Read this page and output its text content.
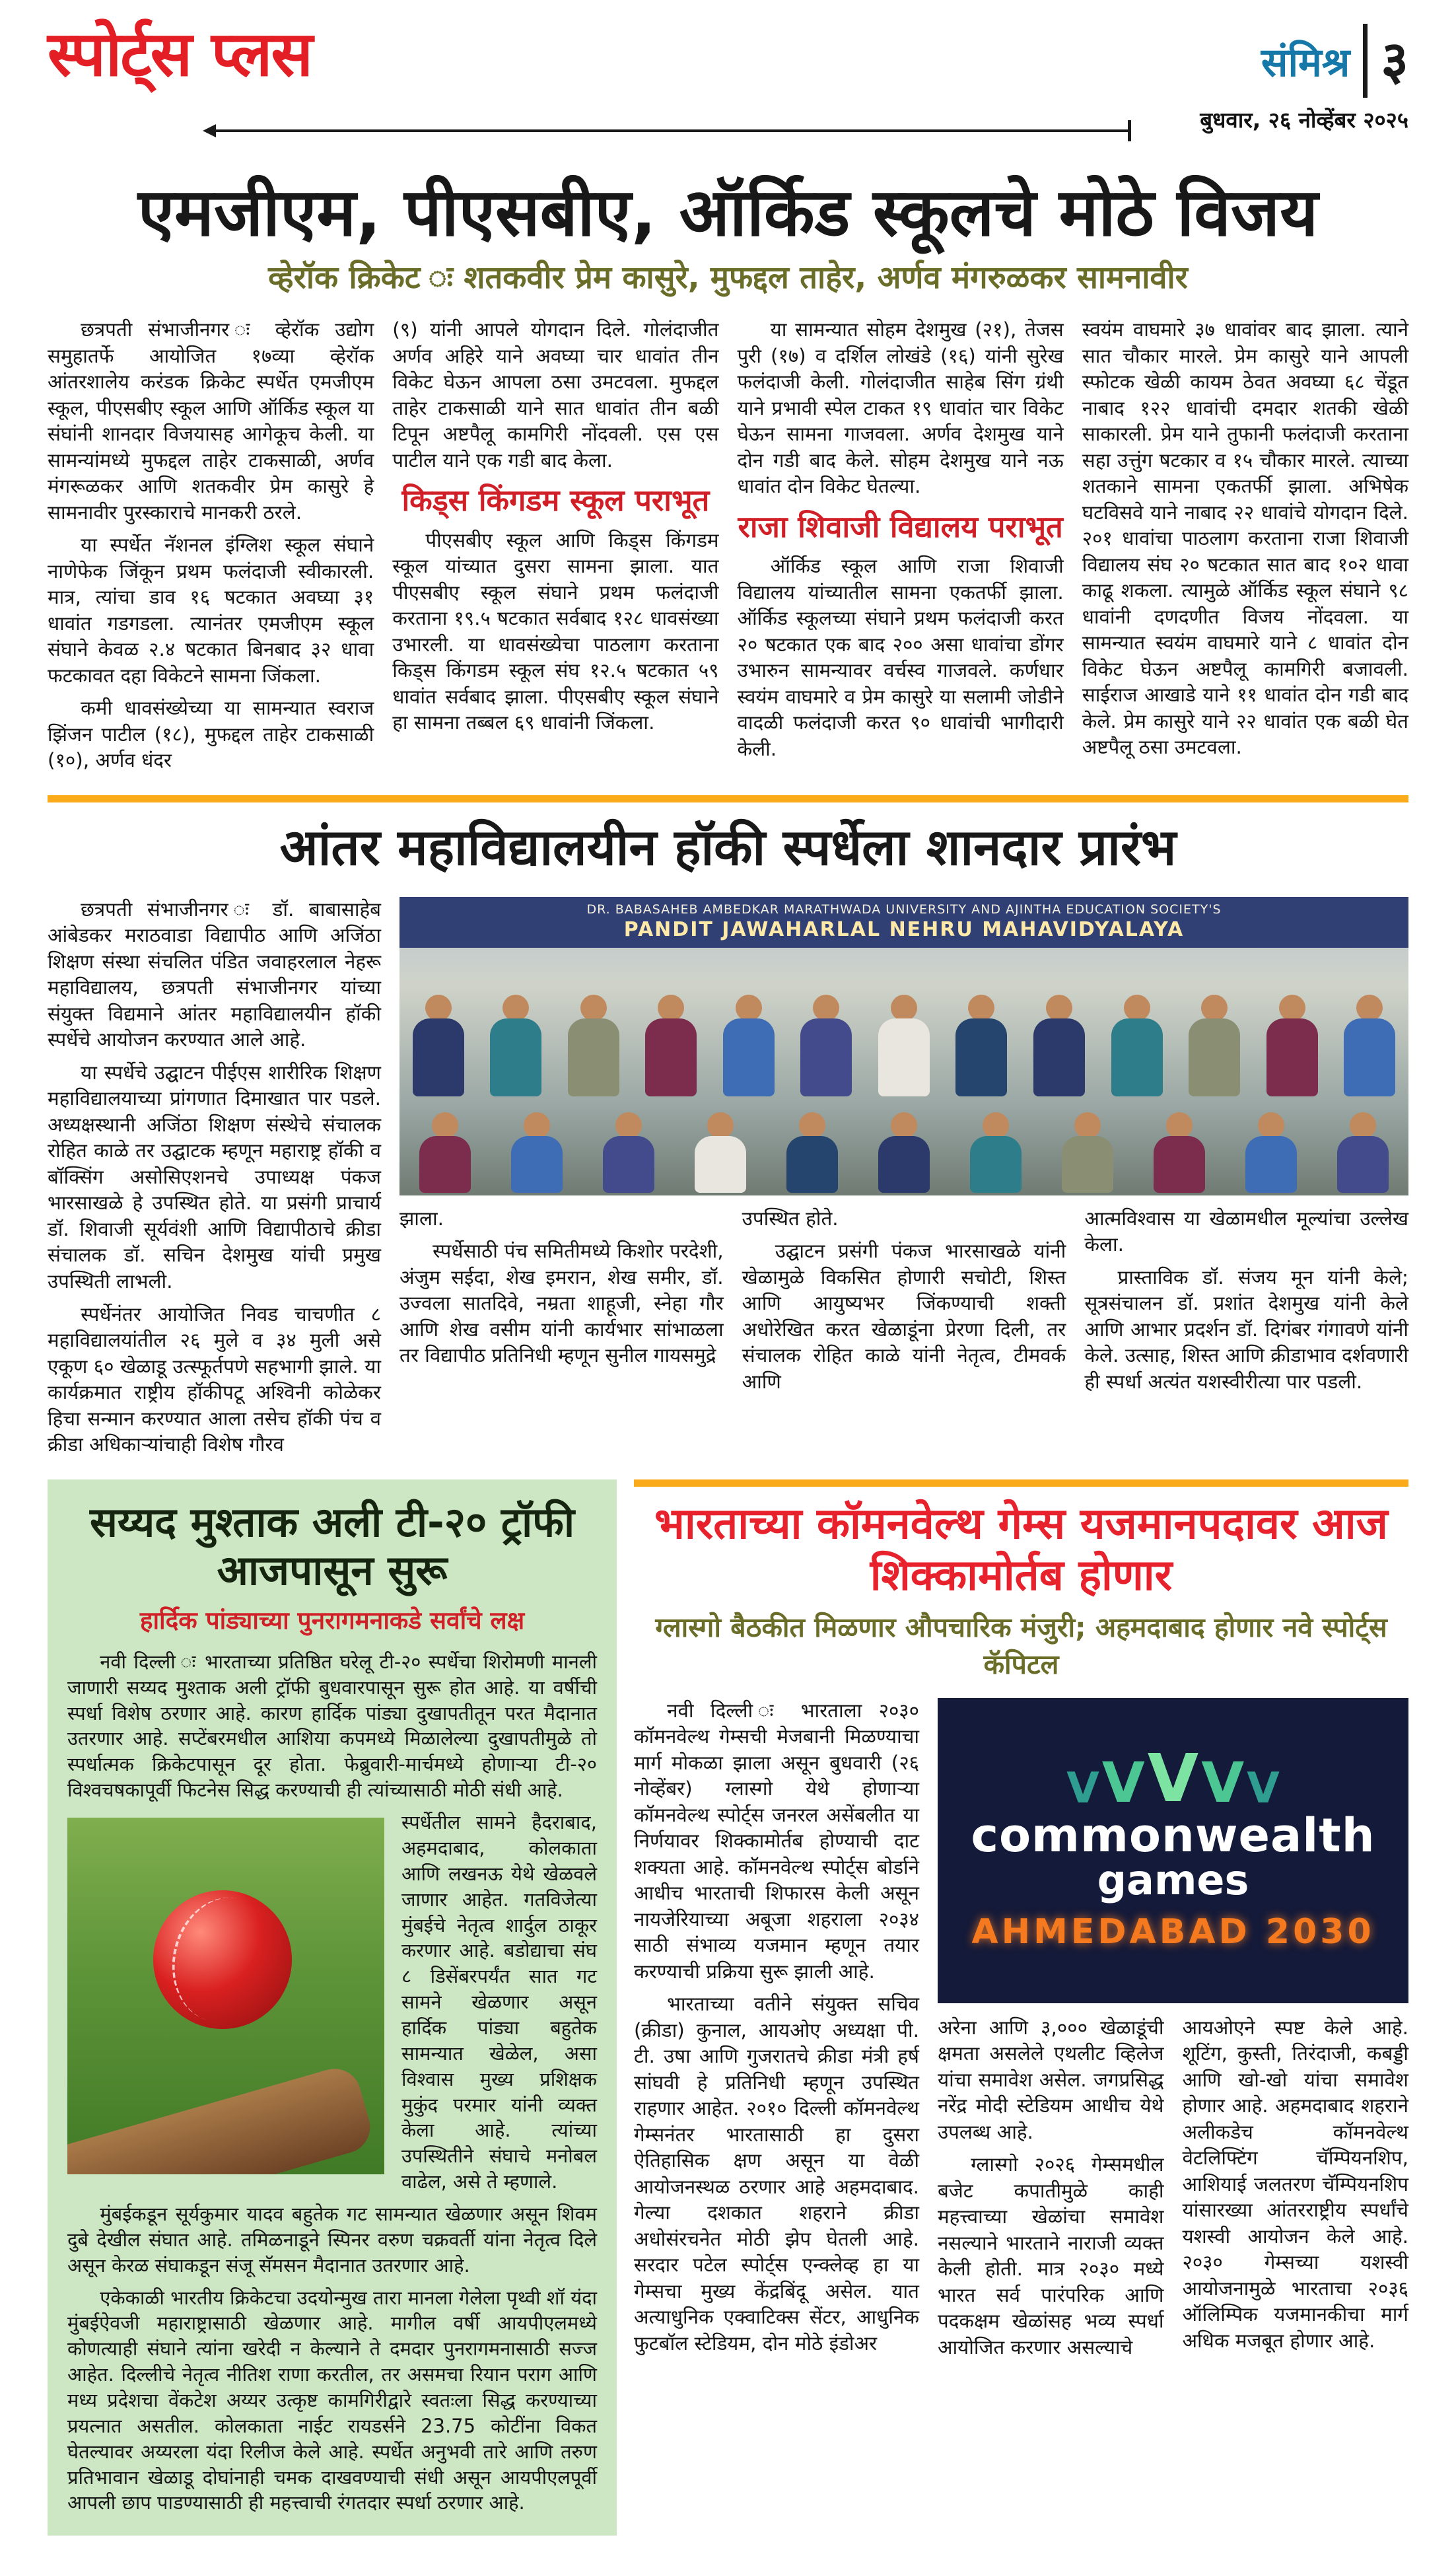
स्पोर्ट्स प्लस	संमिश्र ३
बुधवार, २६ नोव्हेंबर २०२५
एमजीएम, पीएसबीए, ऑर्किड स्कूलचे मोठे विजय
व्हेरॉक क्रिकेट ः शतकवीर प्रेम कासुरे, मुफद्दल ताहेर, अर्णव मंगरुळकर सामनावीर

छत्रपती संभाजीनगर ः व्हेरॉक उद्योग समुहातर्फे आयोजित १७व्या व्हेरॉक आंतरशालेय करंडक क्रिकेट स्पर्धेत एमजीएम स्कूल, पीएसबीए स्कूल आणि ऑर्किड स्कूल या संघांनी शानदार विजयासह आगेकूच केली. या सामन्यांमध्ये मुफद्दल ताहेर टाकसाळी, अर्णव मंगरूळकर आणि शतकवीर प्रेम कासुरे हे सामनावीर पुरस्काराचे मानकरी ठरले.

या स्पर्धेत नॅशनल इंग्लिश स्कूल संघाने नाणेफेक जिंकून प्रथम फलंदाजी स्वीकारली. मात्र, त्यांचा डाव १६ षटकात अवघ्या ३१ धावांत गडगडला. त्यानंतर एमजीएम स्कूल संघाने केवळ २.४ षटकात बिनबाद ३२ धावा फटकावत दहा विकेटने सामना जिंकला.

कमी धावसंख्येच्या या सामन्यात स्वराज झिंजन पाटील (१८), मुफद्दल ताहेर टाकसाळी (१०), अर्णव धंदर

(९) यांनी आपले योगदान दिले. गोलंदाजीत अर्णव अहिरे याने अवघ्या चार धावांत तीन विकेट घेऊन आपला ठसा उमटवला. मुफद्दल ताहेर टाकसाळी याने सात धावांत तीन बळी टिपून अष्टपैलू कामगिरी नोंदवली. एस एस पाटील याने एक गडी बाद केला.

किड्स किंगडम स्कूल पराभूत

पीएसबीए स्कूल आणि किड्स किंगडम स्कूल यांच्यात दुसरा सामना झाला. यात पीएसबीए स्कूल संघाने प्रथम फलंदाजी करताना १९.५ षटकात सर्वबाद १२८ धावसंख्या उभारली. या धावसंख्येचा पाठलाग करताना किड्स किंगडम स्कूल संघ १२.५ षटकात ५९ धावांत सर्वबाद झाला. पीएसबीए स्कूल संघाने हा सामना तब्बल ६९ धावांनी जिंकला.

या सामन्यात सोहम देशमुख (२१), तेजस पुरी (१७) व दर्शिल लोखंडे (१६) यांनी सुरेख फलंदाजी केली. गोलंदाजीत साहेब सिंग ग्रंथी याने प्रभावी स्पेल टाकत १९ धावांत चार विकेट घेऊन सामना गाजवला. अर्णव देशमुख याने दोन गडी बाद केले. सोहम देशमुख याने नऊ धावांत दोन विकेट घेतल्या.

राजा शिवाजी विद्यालय पराभूत

ऑर्किड स्कूल आणि राजा शिवाजी विद्यालय यांच्यातील सामना एकतर्फी झाला. ऑर्किड स्कूलच्या संघाने प्रथम फलंदाजी करत २० षटकात एक बाद २०० असा धावांचा डोंगर उभारुन सामन्यावर वर्चस्व गाजवले. कर्णधार स्वयंम वाघमारे व प्रेम कासुरे या सलामी जोडीने वादळी फलंदाजी करत ९० धावांची भागीदारी केली.

स्वयंम वाघमारे ३७ धावांवर बाद झाला. त्याने सात चौकार मारले. प्रेम कासुरे याने आपली स्फोटक खेळी कायम ठेवत अवघ्या ६८ चेंडूत नाबाद १२२ धावांची दमदार शतकी खेळी साकारली. प्रेम याने तुफानी फलंदाजी करताना सहा उत्तुंग षटकार व १५ चौकार मारले. त्याच्या शतकाने सामना एकतर्फी झाला. अभिषेक घटविसवे याने नाबाद २२ धावांचे योगदान दिले. २०१ धावांचा पाठलाग करताना राजा शिवाजी विद्यालय संघ २० षटकात सात बाद १०२ धावा काढू शकला. त्यामुळे ऑर्किड स्कूल संघाने ९८ धावांनी दणदणीत विजय नोंदवला. या सामन्यात स्वयंम वाघमारे याने ८ धावांत दोन विकेट घेऊन अष्टपैलू कामगिरी बजावली. साईराज आखाडे याने ११ धावांत दोन गडी बाद केले. प्रेम कासुरे याने २२ धावांत एक बळी घेत अष्टपैलू ठसा उमटवला.

आंतर महाविद्यालयीन हॉकी स्पर्धेला शानदार प्रारंभ

छत्रपती संभाजीनगर ः डॉ. बाबासाहेब आंबेडकर मराठवाडा विद्यापीठ आणि अजिंठा शिक्षण संस्था संचलित पंडित जवाहरलाल नेहरू महाविद्यालय, छत्रपती संभाजीनगर यांच्या संयुक्त विद्यमाने आंतर महाविद्यालयीन हॉकी स्पर्धेचे आयोजन करण्यात आले आहे.

या स्पर्धेचे उद्घाटन पीईएस शारीरिक शिक्षण महाविद्यालयाच्या प्रांगणात दिमाखात पार पडले. अध्यक्षस्थानी अजिंठा शिक्षण संस्थेचे संचालक रोहित काळे तर उद्घाटक म्हणून महाराष्ट्र हॉकी व बॉक्सिंग असोसिएशनचे उपाध्यक्ष पंकज भारसाखळे हे उपस्थित होते. या प्रसंगी प्राचार्य डॉ. शिवाजी सूर्यवंशी आणि विद्यापीठाचे क्रीडा संचालक डॉ. सचिन देशमुख यांची प्रमुख उपस्थिती लाभली.

स्पर्धेनंतर आयोजित निवड चाचणीत ८ महाविद्यालयांतील २६ मुले व ३४ मुली असे एकूण ६० खेळाडू उत्स्फूर्तपणे सहभागी झाले. या कार्यक्रमात राष्ट्रीय हॉकीपटू अश्विनी कोळेकर हिचा सन्मान करण्यात आला तसेच हॉकी पंच व क्रीडा अधिकाऱ्यांचाही विशेष गौरव

DR. BABASAHEB AMBEDKAR MARATHWADA UNIVERSITY AND AJINTHA EDUCATION SOCIETY'S
PANDIT JAWAHARLAL NEHRU MAHAVIDYALAYA

झाला.

स्पर्धेसाठी पंच समितीमध्ये किशोर परदेशी, अंजुम सईदा, शेख इमरान, शेख समीर, डॉ. उज्वला सातदिवे, नम्रता शाहूजी, स्नेहा गौर आणि शेख वसीम यांनी कार्यभार सांभाळला तर विद्यापीठ प्रतिनिधी म्हणून सुनील गायसमुद्रे

उपस्थित होते.

उद्घाटन प्रसंगी पंकज भारसाखळे यांनी खेळामुळे विकसित होणारी सचोटी, शिस्त आणि आयुष्यभर जिंकण्याची शक्ती अधोरेखित करत खेळाडूंना प्रेरणा दिली, तर संचालक रोहित काळे यांनी नेतृत्व, टीमवर्क आणि

आत्मविश्वास या खेळामधील मूल्यांचा उल्लेख केला.

प्रास्ताविक डॉ. संजय मून यांनी केले; सूत्रसंचालन डॉ. प्रशांत देशमुख यांनी केले आणि आभार प्रदर्शन डॉ. दिगंबर गंगावणे यांनी केले. उत्साह, शिस्त आणि क्रीडाभाव दर्शवणारी ही स्पर्धा अत्यंत यशस्वीरीत्या पार पडली.

सय्यद मुश्ताक अली टी-२० ट्रॉफी आजपासून सुरू
हार्दिक पांड्याच्या पुनरागमनाकडे सर्वांचे लक्ष

नवी दिल्ली ः भारताच्या प्रतिष्ठित घरेलू टी-२० स्पर्धेचा शिरोमणी मानली जाणारी सय्यद मुश्ताक अली ट्रॉफी बुधवारपासून सुरू होत आहे. या वर्षीची स्पर्धा विशेष ठरणार आहे. कारण हार्दिक पांड्या दुखापतीतून परत मैदानात उतरणार आहे. सप्टेंबरमधील आशिया कपमध्ये मिळालेल्या दुखापतीमुळे तो स्पर्धात्मक क्रिकेटपासून दूर होता. फेब्रुवारी-मार्चमध्ये होणाऱ्या टी-२० विश्वचषकापूर्वी फिटनेस सिद्ध करण्याची ही त्यांच्यासाठी मोठी संधी आहे.

स्पर्धेतील सामने हैदराबाद, अहमदाबाद, कोलकाता आणि लखनऊ येथे खेळवले जाणार आहेत. गतविजेत्या मुंबईचे नेतृत्व शार्दुल ठाकूर करणार आहे. बडोद्याचा संघ ८ डिसेंबरपर्यंत सात गट सामने खेळणार असून हार्दिक पांड्या बहुतेक सामन्यात खेळेल, असा विश्वास मुख्य प्रशिक्षक मुकुंद परमार यांनी व्यक्त केला आहे. त्यांच्या उपस्थितीने संघाचे मनोबल वाढेल, असे ते म्हणाले.

मुंबईकडून सूर्यकुमार यादव बहुतेक गट सामन्यात खेळणार असून शिवम दुबे देखील संघात आहे. तमिळनाडूने स्पिनर वरुण चक्रवर्ती यांना नेतृत्व दिले असून केरळ संघाकडून संजू सॅमसन मैदानात उतरणार आहे.

एकेकाळी भारतीय क्रिकेटचा उदयोन्मुख तारा मानला गेलेला पृथ्वी शॉ यंदा मुंबईऐवजी महाराष्ट्रासाठी खेळणार आहे. मागील वर्षी आयपीएलमध्ये कोणत्याही संघाने त्यांना खरेदी न केल्याने ते दमदार पुनरागमनासाठी सज्ज आहेत. दिल्लीचे नेतृत्व नीतिश राणा करतील, तर असमचा रियान पराग आणि मध्य प्रदेशचा वेंकटेश अय्यर उत्कृष्ट कामगिरीद्वारे स्वतःला सिद्ध करण्याच्या प्रयत्नात असतील. कोलकाता नाईट रायडर्सने 23.75 कोटींना विकत घेतल्यावर अय्यरला यंदा रिलीज केले आहे. स्पर्धेत अनुभवी तारे आणि तरुण प्रतिभावान खेळाडू दोघांनाही चमक दाखवण्याची संधी असून आयपीएलपूर्वी आपली छाप पाडण्यासाठी ही महत्त्वाची रंगतदार स्पर्धा ठरणार आहे.

भारताच्या कॉमनवेल्थ गेम्स यजमानपदावर आज शिक्कामोर्तब होणार
ग्लास्गो बैठकीत मिळणार औपचारिक मंजुरी; अहमदाबाद होणार नवे स्पोर्ट्स कॅपिटल

नवी दिल्ली ः भारताला २०३० कॉमनवेल्थ गेम्सची मेजबानी मिळण्याचा मार्ग मोकळा झाला असून बुधवारी (२६ नोव्हेंबर) ग्लास्गो येथे होणाऱ्या कॉमनवेल्थ स्पोर्ट्स जनरल असेंबलीत या निर्णयावर शिक्कामोर्तब होण्याची दाट शक्यता आहे. कॉमनवेल्थ स्पोर्ट्स बोर्डाने आधीच भारताची शिफारस केली असून नायजेरियाच्या अबूजा शहराला २०३४ साठी संभाव्य यजमान म्हणून तयार करण्याची प्रक्रिया सुरू झाली आहे.

भारताच्या वतीने संयुक्त सचिव (क्रीडा) कुनाल, आयओए अध्यक्षा पी. टी. उषा आणि गुजरातचे क्रीडा मंत्री हर्ष सांघवी हे प्रतिनिधी म्हणून उपस्थित राहणार आहेत. २०१० दिल्ली कॉमनवेल्थ गेम्सनंतर भारतासाठी हा दुसरा ऐतिहासिक क्षण असून या वेळी आयोजनस्थळ ठरणार आहे अहमदाबाद. गेल्या दशकात शहराने क्रीडा अधोसंरचनेत मोठी झेप घेतली आहे. सरदार पटेल स्पोर्ट्स एन्क्लेव्ह हा या गेम्सचा मुख्य केंद्रबिंदू असेल. यात अत्याधुनिक एक्वाटिक्स सेंटर, आधुनिक फुटबॉल स्टेडियम, दोन मोठे इंडोअर

V V V V V
commonwealth
games
AHMEDABAD 2030

अरेना आणि ३,००० खेळाडूंची क्षमता असलेले एथलीट व्हिलेज यांचा समावेश असेल. जगप्रसिद्ध नरेंद्र मोदी स्टेडियम आधीच येथे उपलब्ध आहे.

ग्लास्गो २०२६ गेम्समधील बजेट कपातीमुळे काही महत्त्वाच्या खेळांचा समावेश नसल्याने भारताने नाराजी व्यक्त केली होती. मात्र २०३० मध्ये भारत सर्व पारंपरिक आणि पदकक्षम खेळांसह भव्य स्पर्धा आयोजित करणार असल्याचे

आयओएने स्पष्ट केले आहे. शूटिंग, कुस्ती, तिरंदाजी, कबड्डी आणि खो-खो यांचा समावेश होणार आहे. अहमदाबाद शहराने अलीकडेच कॉमनवेल्थ वेटलिफ्टिंग चॅम्पियनशिप, आशियाई जलतरण चॅम्पियनशिप यांसारख्या आंतरराष्ट्रीय स्पर्धांचे यशस्वी आयोजन केले आहे. २०३० गेम्सच्या यशस्वी आयोजनामुळे भारताचा २०३६ ऑलिम्पिक यजमानकीचा मार्ग अधिक मजबूत होणार आहे.
